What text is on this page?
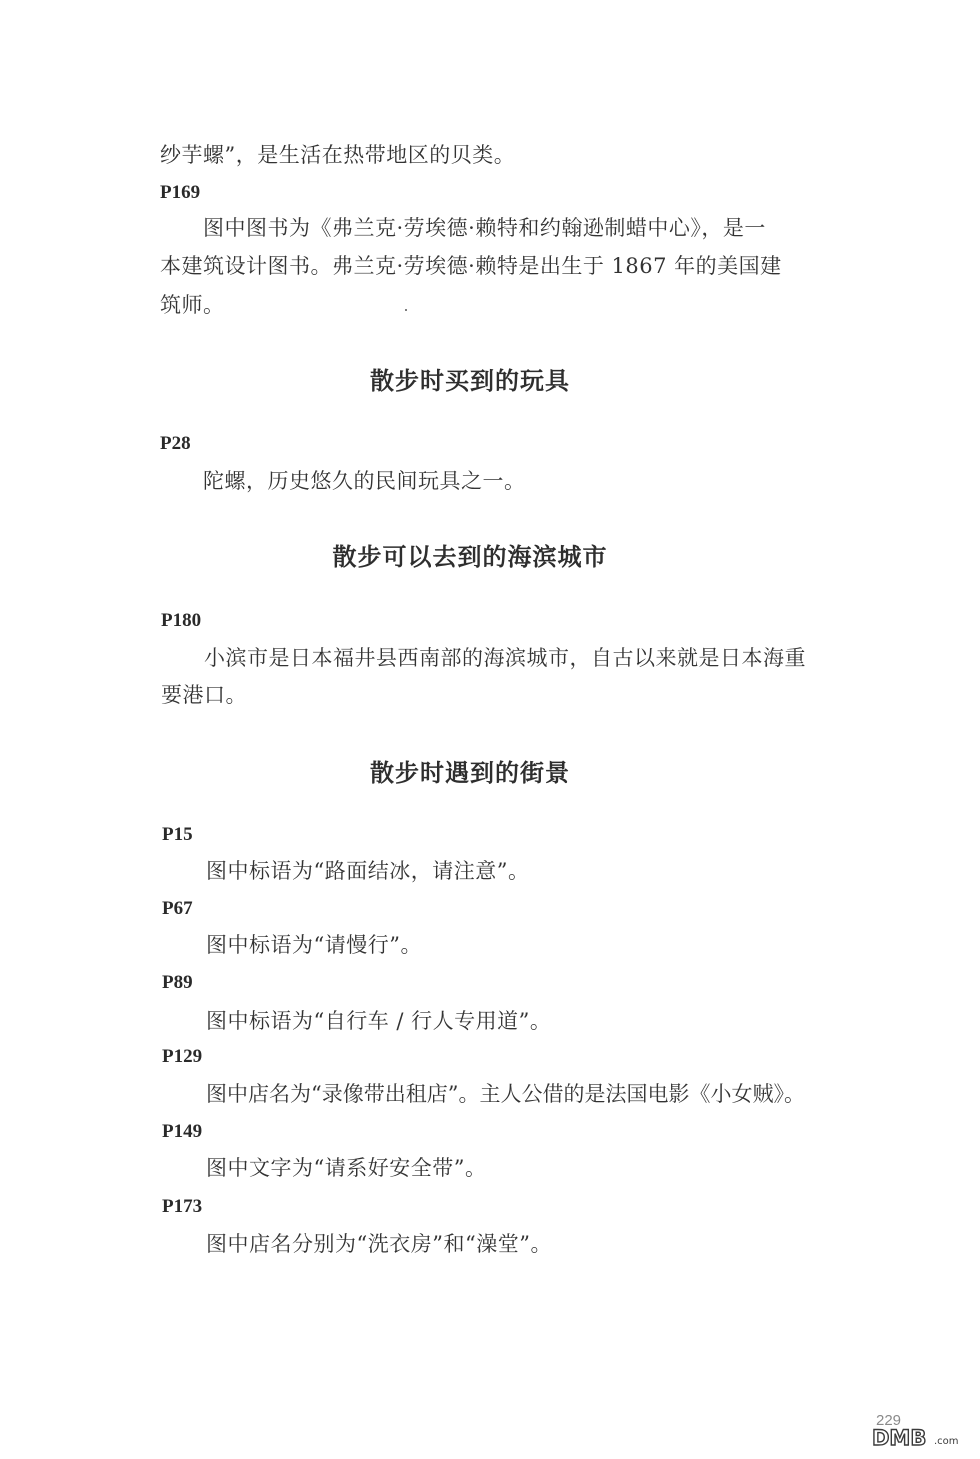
纱芋螺”，是生活在热带地区的贝类。
P169
图中图书为《弗兰克·劳埃德·赖特和约翰逊制蜡中心》，是一
本建筑设计图书。弗兰克·劳埃德·赖特是出生于 1867 年的美国建
筑师。
散步时买到的玩具
P28
陀螺，历史悠久的民间玩具之一。
散步可以去到的海滨城市
P180
小滨市是日本福井县西南部的海滨城市，自古以来就是日本海重
要港口。
散步时遇到的街景
P15
图中标语为“路面结冰，请注意”。
P67
图中标语为“请慢行”。
P89
图中标语为“自行车 / 行人专用道”。
P129
图中店名为“录像带出租店”。主人公借的是法国电影《小女贼》。
P149
图中文字为“请系好安全带”。
P173
图中店名分别为“洗衣房”和“澡堂”。
229
DMB .com
